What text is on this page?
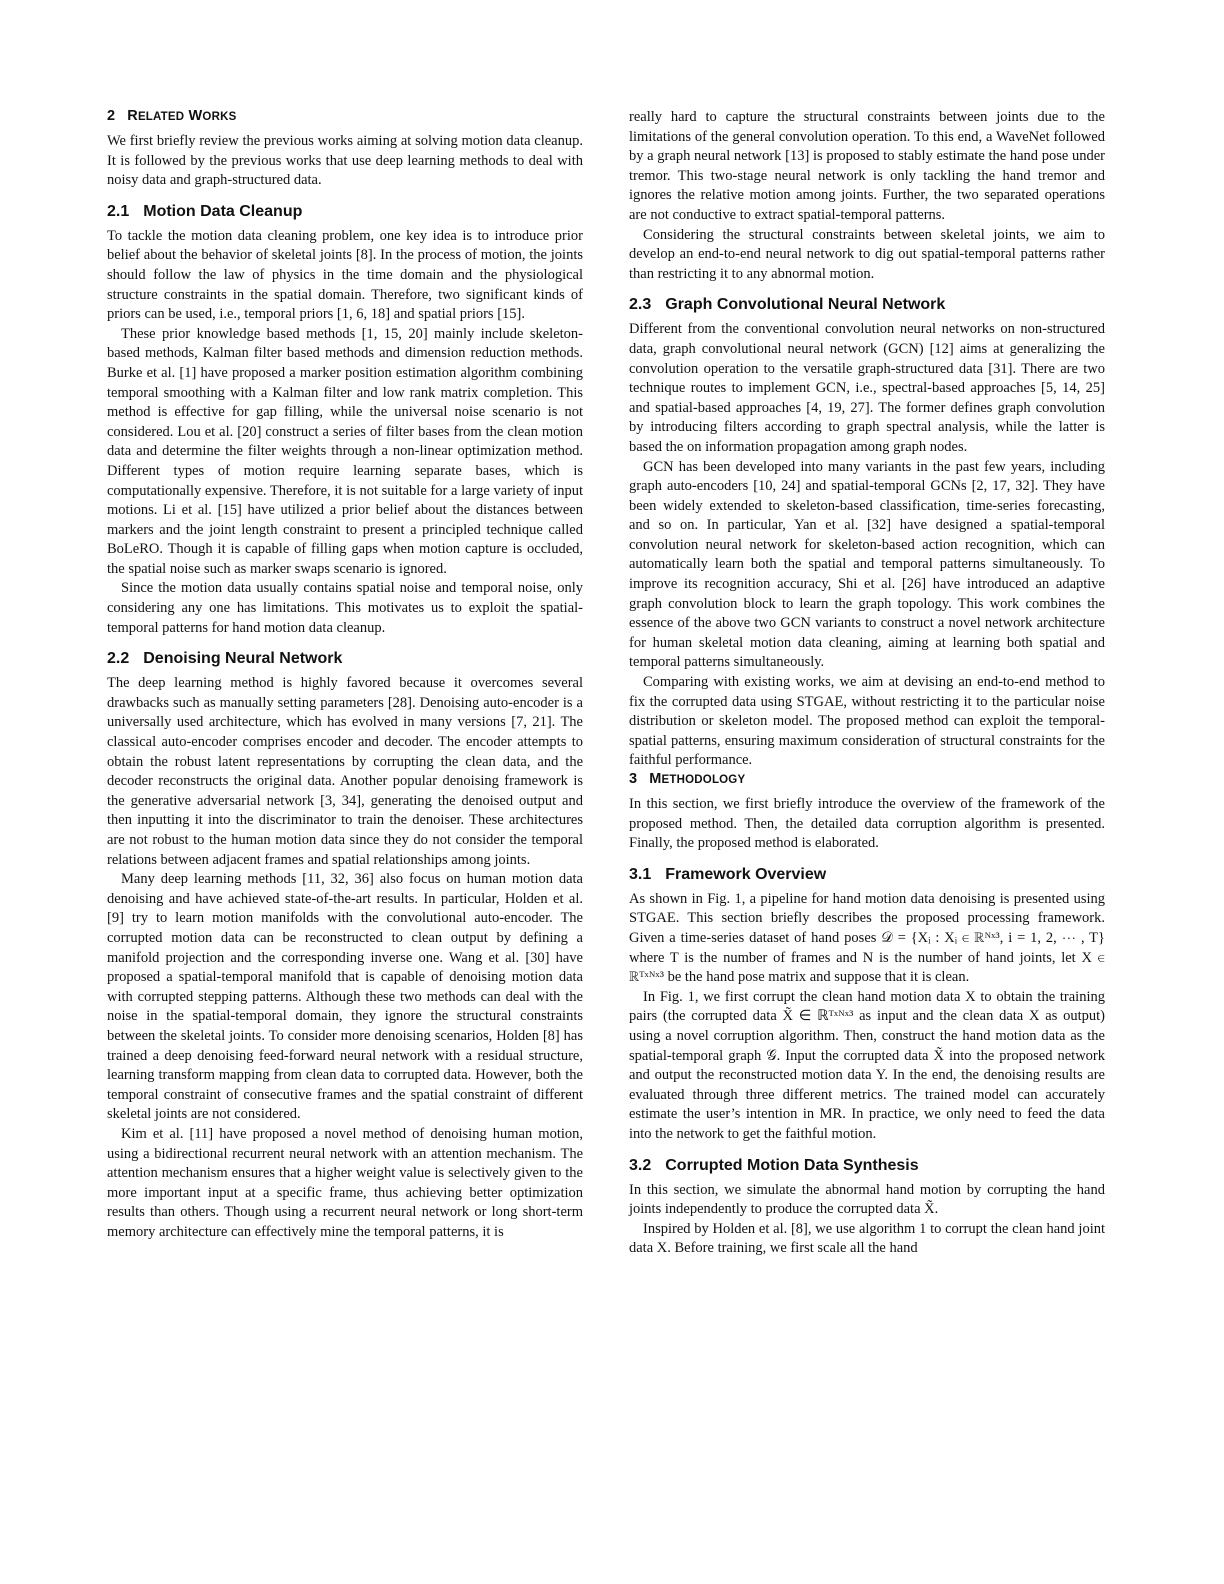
2 RELATED WORKS

We first briefly review the previous works aiming at solving motion data cleanup. It is followed by the previous works that use deep learning methods to deal with noisy data and graph-structured data.

2.1 Motion Data Cleanup

To tackle the motion data cleaning problem, one key idea is to introduce prior belief about the behavior of skeletal joints [8]. In the process of motion, the joints should follow the law of physics in the time domain and the physiological structure constraints in the spatial domain. Therefore, two significant kinds of priors can be used, i.e., temporal priors [1, 6, 18] and spatial priors [15].

These prior knowledge based methods [1, 15, 20] mainly include skeleton-based methods, Kalman filter based methods and dimension reduction methods. Burke et al. [1] have proposed a marker position estimation algorithm combining temporal smoothing with a Kalman filter and low rank matrix completion. This method is effective for gap filling, while the universal noise scenario is not considered. Lou et al. [20] construct a series of filter bases from the clean motion data and determine the filter weights through a non-linear optimization method. Different types of motion require learning separate bases, which is computationally expensive. Therefore, it is not suitable for a large variety of input motions. Li et al. [15] have utilized a prior belief about the distances between markers and the joint length constraint to present a principled technique called BoLeRO. Though it is capable of filling gaps when motion capture is occluded, the spatial noise such as marker swaps scenario is ignored.

Since the motion data usually contains spatial noise and temporal noise, only considering any one has limitations. This motivates us to exploit the spatial-temporal patterns for hand motion data cleanup.

2.2 Denoising Neural Network

The deep learning method is highly favored because it overcomes several drawbacks such as manually setting parameters [28]. Denoising auto-encoder is a universally used architecture, which has evolved in many versions [7, 21]. The classical auto-encoder comprises encoder and decoder. The encoder attempts to obtain the robust latent representations by corrupting the clean data, and the decoder reconstructs the original data. Another popular denoising framework is the generative adversarial network [3, 34], generating the denoised output and then inputting it into the discriminator to train the denoiser. These architectures are not robust to the human motion data since they do not consider the temporal relations between adjacent frames and spatial relationships among joints.

Many deep learning methods [11, 32, 36] also focus on human motion data denoising and have achieved state-of-the-art results. In particular, Holden et al. [9] try to learn motion manifolds with the convolutional auto-encoder. The corrupted motion data can be reconstructed to clean output by defining a manifold projection and the corresponding inverse one. Wang et al. [30] have proposed a spatial-temporal manifold that is capable of denoising motion data with corrupted stepping patterns. Although these two methods can deal with the noise in the spatial-temporal domain, they ignore the structural constraints between the skeletal joints. To consider more denoising scenarios, Holden [8] has trained a deep denoising feed-forward neural network with a residual structure, learning transform mapping from clean data to corrupted data. However, both the temporal constraint of consecutive frames and the spatial constraint of different skeletal joints are not considered.

Kim et al. [11] have proposed a novel method of denoising human motion, using a bidirectional recurrent neural network with an attention mechanism. The attention mechanism ensures that a higher weight value is selectively given to the more important input at a specific frame, thus achieving better optimization results than others. Though using a recurrent neural network or long short-term memory architecture can effectively mine the temporal patterns, it is

really hard to capture the structural constraints between joints due to the limitations of the general convolution operation. To this end, a WaveNet followed by a graph neural network [13] is proposed to stably estimate the hand pose under tremor. This two-stage neural network is only tackling the hand tremor and ignores the relative motion among joints. Further, the two separated operations are not conductive to extract spatial-temporal patterns.

Considering the structural constraints between skeletal joints, we aim to develop an end-to-end neural network to dig out spatial-temporal patterns rather than restricting it to any abnormal motion.

2.3 Graph Convolutional Neural Network

Different from the conventional convolution neural networks on non-structured data, graph convolutional neural network (GCN) [12] aims at generalizing the convolution operation to the versatile graph-structured data [31]. There are two technique routes to implement GCN, i.e., spectral-based approaches [5, 14, 25] and spatial-based approaches [4, 19, 27]. The former defines graph convolution by introducing filters according to graph spectral analysis, while the latter is based the on information propagation among graph nodes.

GCN has been developed into many variants in the past few years, including graph auto-encoders [10, 24] and spatial-temporal GCNs [2, 17, 32]. They have been widely extended to skeleton-based classification, time-series forecasting, and so on. In particular, Yan et al. [32] have designed a spatial-temporal convolution neural network for skeleton-based action recognition, which can automatically learn both the spatial and temporal patterns simultaneously. To improve its recognition accuracy, Shi et al. [26] have introduced an adaptive graph convolution block to learn the graph topology. This work combines the essence of the above two GCN variants to construct a novel network architecture for human skeletal motion data cleaning, aiming at learning both spatial and temporal patterns simultaneously.

Comparing with existing works, we aim at devising an end-to-end method to fix the corrupted data using STGAE, without restricting it to the particular noise distribution or skeleton model. The proposed method can exploit the temporal-spatial patterns, ensuring maximum consideration of structural constraints for the faithful performance.

3 METHODOLOGY

In this section, we first briefly introduce the overview of the framework of the proposed method. Then, the detailed data corruption algorithm is presented. Finally, the proposed method is elaborated.

3.1 Framework Overview

As shown in Fig. 1, a pipeline for hand motion data denoising is presented using STGAE. This section briefly describes the proposed processing framework. Given a time-series dataset of hand poses 𝒟 = {Xᵢ : Xᵢ ∈ ℝᴺˣ³, i = 1, 2, ⋯ , T} where T is the number of frames and N is the number of hand joints, let X ∈ ℝᵀˣᴺˣ³ be the hand pose matrix and suppose that it is clean.

In Fig. 1, we first corrupt the clean hand motion data X to obtain the training pairs (the corrupted data X̃ ∈ ℝᵀˣᴺˣ³ as input and the clean data X as output) using a novel corruption algorithm. Then, construct the hand motion data as the spatial-temporal graph 𝒢. Input the corrupted data X̃ into the proposed network and output the reconstructed motion data Y. In the end, the denoising results are evaluated through three different metrics. The trained model can accurately estimate the user’s intention in MR. In practice, we only need to feed the data into the network to get the faithful motion.

3.2 Corrupted Motion Data Synthesis

In this section, we simulate the abnormal hand motion by corrupting the hand joints independently to produce the corrupted data X̃.

Inspired by Holden et al. [8], we use algorithm 1 to corrupt the clean hand joint data X. Before training, we first scale all the hand
